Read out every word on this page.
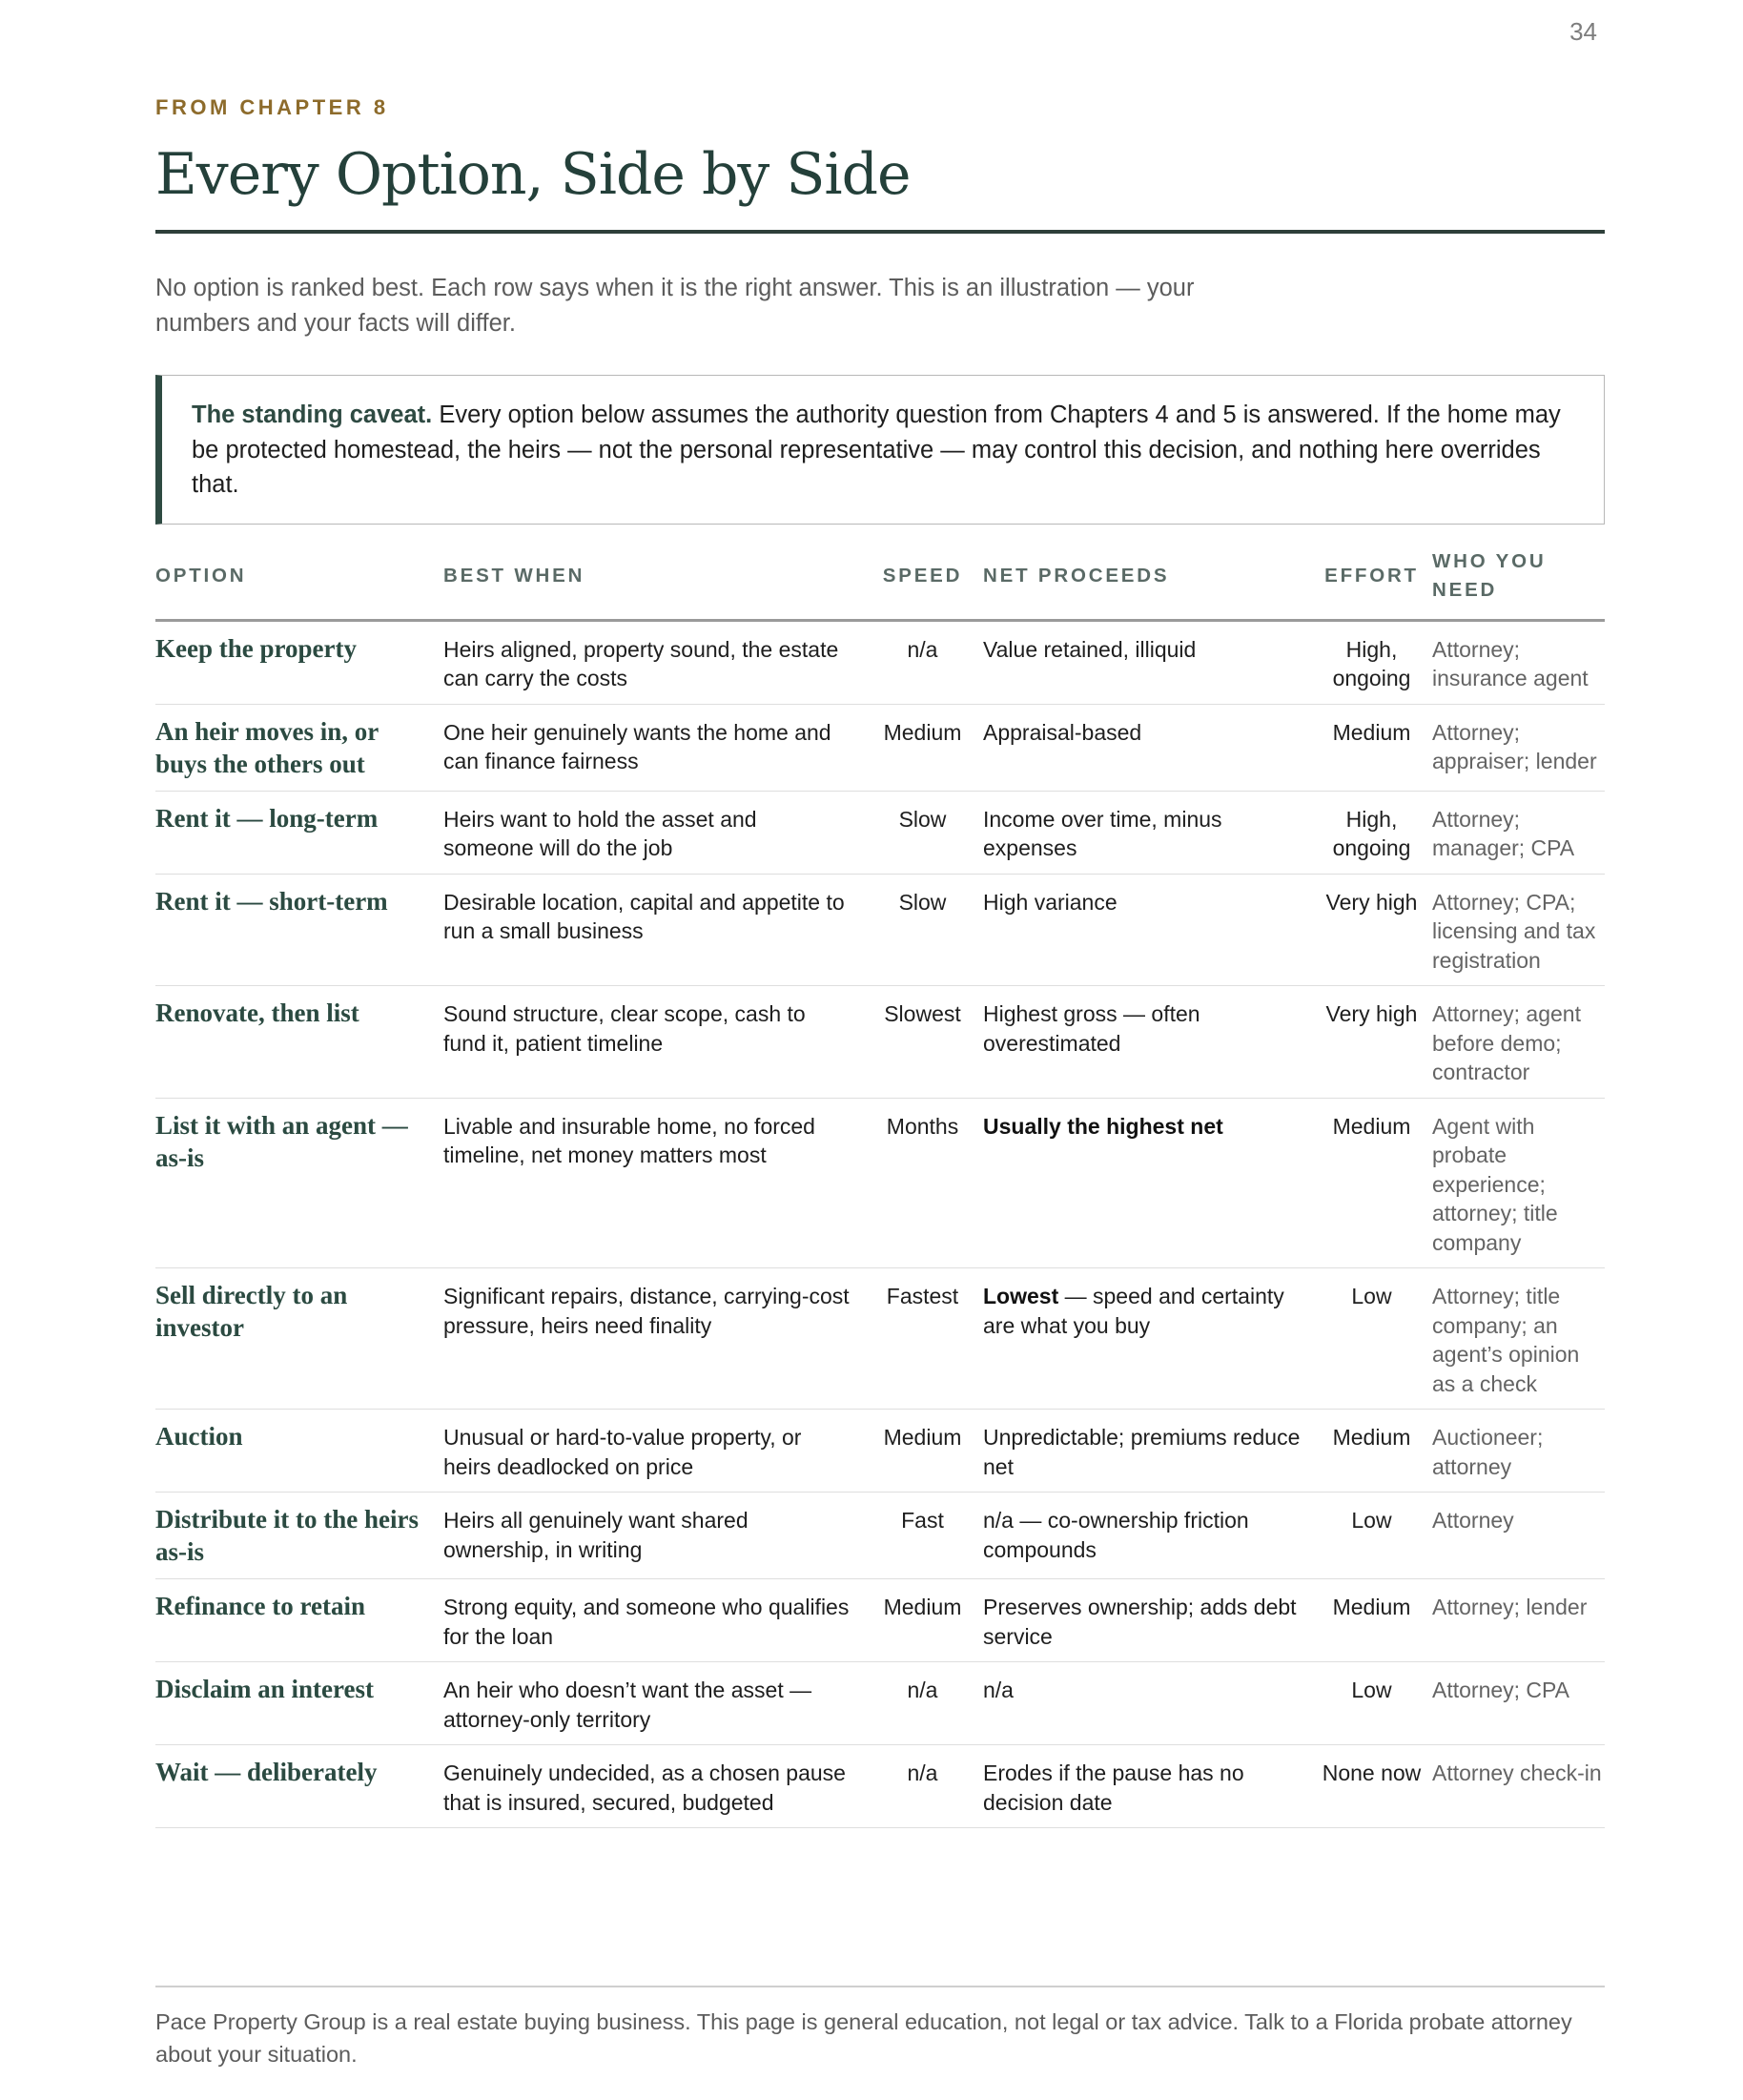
34
FROM CHAPTER 8
Every Option, Side by Side

No option is ranked best. Each row says when it is the right answer. This is an illustration — your numbers and your facts will differ.

The standing caveat. Every option below assumes the authority question from Chapters 4 and 5 is answered. If the home may be protected homestead, the heirs — not the personal representative — may control this decision, and nothing here overrides that.
OPTION	BEST WHEN	SPEED	NET PROCEEDS	EFFORT	WHO YOU NEED
Keep the property	Heirs aligned, property sound, the estate can carry the costs	n/a	Value retained, illiquid	High, ongoing	Attorney; insurance agent
An heir moves in, or buys the others out	One heir genuinely wants the home and can finance fairness	Medium	Appraisal-based	Medium	Attorney; appraiser; lender
Rent it — long-term	Heirs want to hold the asset and someone will do the job	Slow	Income over time, minus expenses	High, ongoing	Attorney; manager; CPA
Rent it — short-term	Desirable location, capital and appetite to run a small business	Slow	High variance	Very high	Attorney; CPA; licensing and tax registration
Renovate, then list	Sound structure, clear scope, cash to fund it, patient timeline	Slowest	Highest gross — often overestimated	Very high	Attorney; agent before demo; contractor
List it with an agent — as-is	Livable and insurable home, no forced timeline, net money matters most	Months	Usually the highest net	Medium	Agent with probate experience; attorney; title company
Sell directly to an investor	Significant repairs, distance, carrying-cost pressure, heirs need finality	Fastest	Lowest — speed and certainty are what you buy	Low	Attorney; title company; an agent’s opinion as a check
Auction	Unusual or hard-to-value property, or heirs deadlocked on price	Medium	Unpredictable; premiums reduce net	Medium	Auctioneer; attorney
Distribute it to the heirs as-is	Heirs all genuinely want shared ownership, in writing	Fast	n/a — co-ownership friction compounds	Low	Attorney
Refinance to retain	Strong equity, and someone who qualifies for the loan	Medium	Preserves ownership; adds debt service	Medium	Attorney; lender
Disclaim an interest	An heir who doesn’t want the asset — attorney-only territory	n/a	n/a	Low	Attorney; CPA
Wait — deliberately	Genuinely undecided, as a chosen pause that is insured, secured, budgeted	n/a	Erodes if the pause has no decision date	None now	Attorney check-in

Pace Property Group is a real estate buying business. This page is general education, not legal or tax advice. Talk to a Florida probate attorney about your situation.
